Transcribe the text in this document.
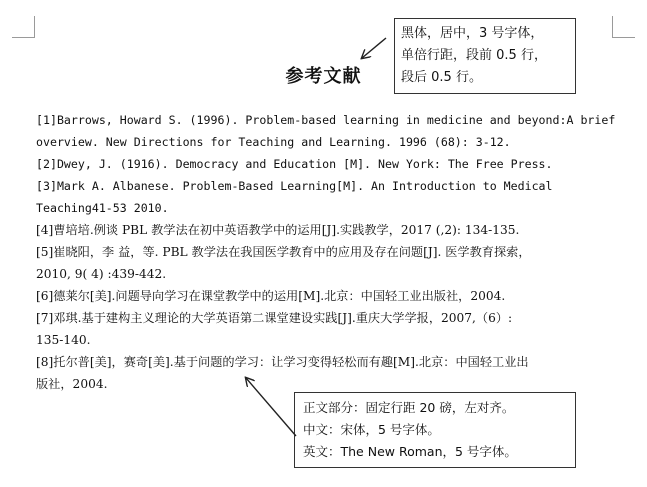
参考文献
[1]Barrows, Howard S. (1996). Problem-based learning in medicine and beyond:A brief
overview. New Directions for Teaching and Learning. 1996 (68): 3-12.
[2]Dwey, J. (1916). Democracy and Education [M]. New York: The Free Press.
[3]Mark A. Albanese. Problem-Based Learning[M]. An Introduction to Medical
Teaching41-53 2010.
[4]曹培培.例谈 PBL 教学法在初中英语教学中的运用[J].实践教学，2017 (,2): 134-135.
[5]崔晓阳，李 益，等. PBL 教学法在我国医学教育中的应用及存在问题[J]. 医学教育探索，
2010, 9( 4) :439-442.
[6]德莱尔[美].问题导向学习在课堂教学中的运用[M].北京：中国轻工业出版社，2004.
[7]邓琪.基于建构主义理论的大学英语第二课堂建设实践[J].重庆大学学报，2007,（6）:
135-140.
[8]托尔普[美]，赛奇[美].基于问题的学习：让学习变得轻松而有趣[M].北京：中国轻工业出
版社，2004.
黑体，居中，3 号字体，
单倍行距，段前 0.5 行，
段后 0.5 行。
正文部分：固定行距 20 磅，左对齐。
中文：宋体，5 号字体。
英文：The New Roman，5 号字体。
